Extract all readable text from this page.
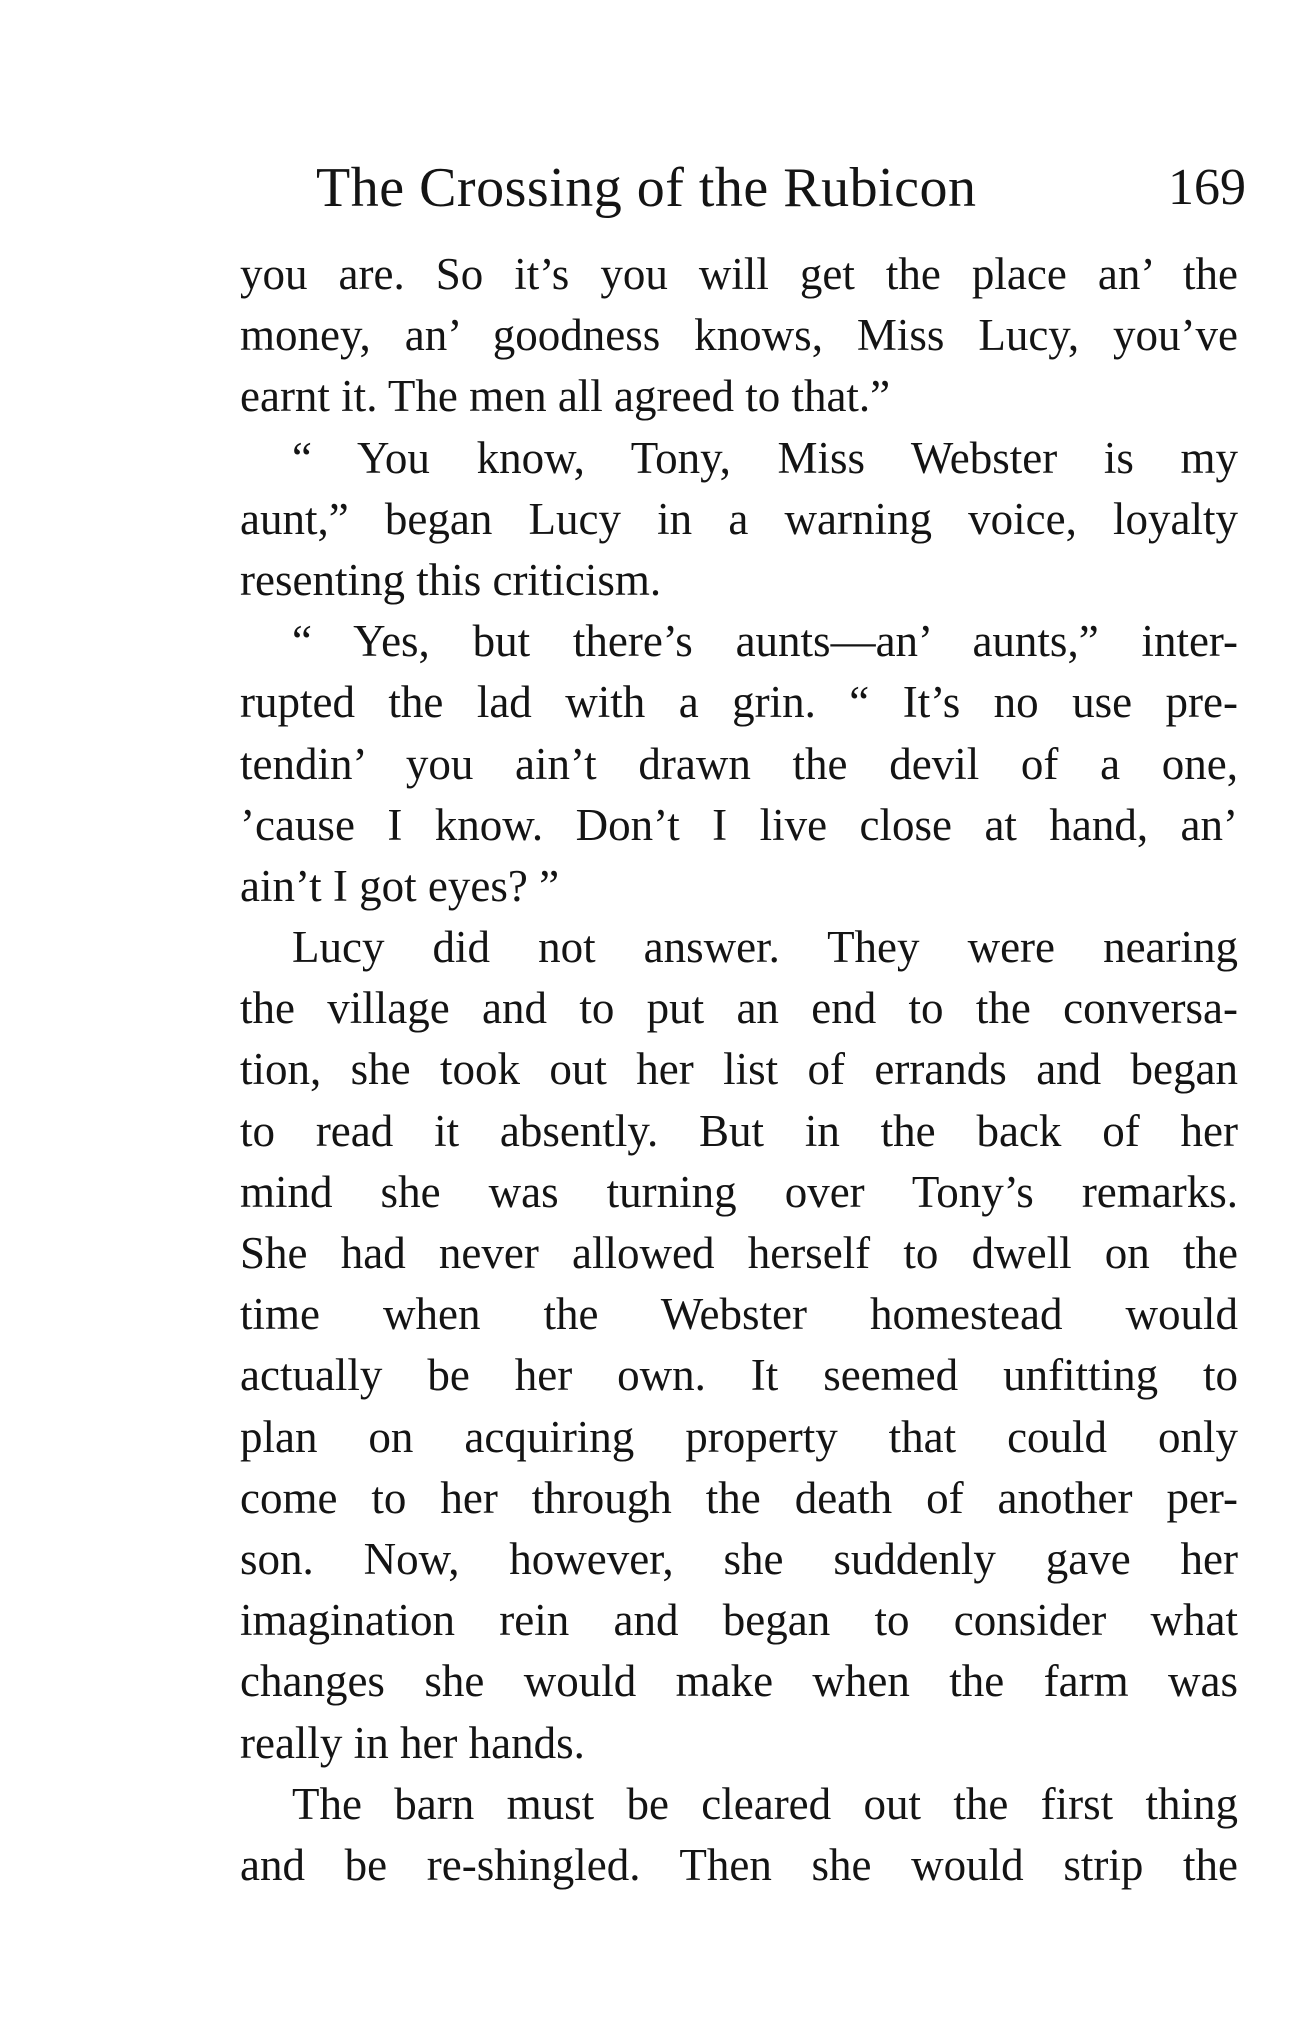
The Crossing of the Rubicon	169
you are. So it’s you will get the place an’ the
money, an’ goodness knows, Miss Lucy, you’ve
earnt it. The men all agreed to that.”
“ You know, Tony, Miss Webster is my
aunt,” began Lucy in a warning voice, loyalty
resenting this criticism.
“ Yes, but there’s aunts—an’ aunts,” inter-
rupted the lad with a grin. “ It’s no use pre-
tendin’ you ain’t drawn the devil of a one,
’cause I know. Don’t I live close at hand, an’
ain’t I got eyes? ”
Lucy did not answer. They were nearing
the village and to put an end to the conversa-
tion, she took out her list of errands and began
to read it absently. But in the back of her
mind she was turning over Tony’s remarks.
She had never allowed herself to dwell on the
time when the Webster homestead would
actually be her own. It seemed unfitting to
plan on acquiring property that could only
come to her through the death of another per-
son. Now, however, she suddenly gave her
imagination rein and began to consider what
changes she would make when the farm was
really in her hands.
The barn must be cleared out the first thing
and be re-shingled. Then she would strip the
